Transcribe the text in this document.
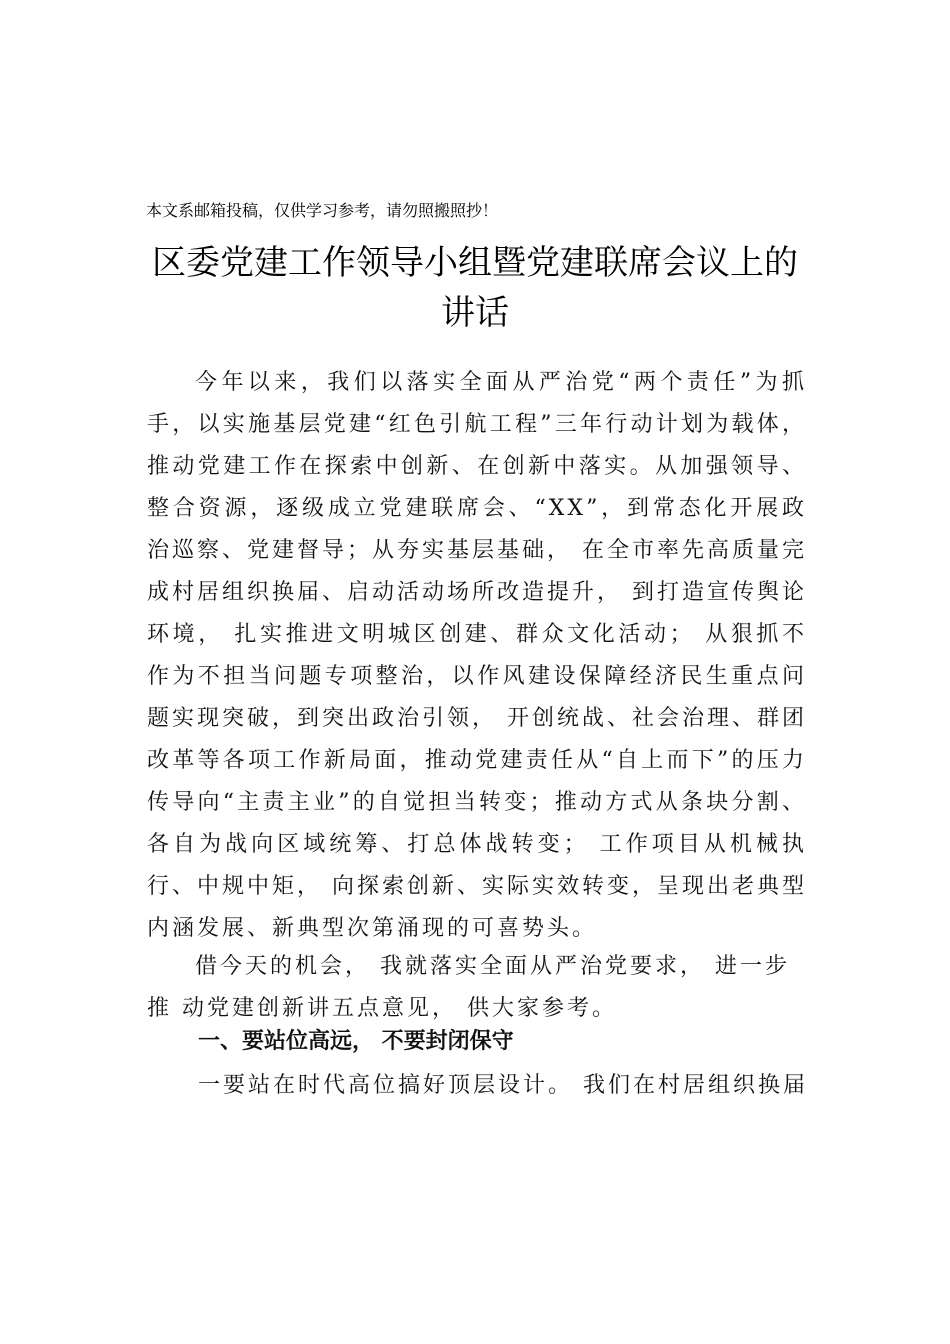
本文系邮箱投稿，仅供学习参考，请勿照搬照抄！
区委党建工作领导小组暨党建联席会议上的讲话

今年以来，我们以落实全面从严治党“两个责任”为抓手，以实施基层党建“红色引航工程”三年行动计划为载体，推动党建工作在探索中创新、在创新中落实。从加强领导、整合资源，逐级成立党建联席会、“XX”，到常态化开展政治巡察、党建督导；从夯实基层基础， 在全市率先高质量完成村居组织换届、启动活动场所改造提升， 到打造宣传舆论环境， 扎实推进文明城区创建、群众文化活动； 从狠抓不作为不担当问题专项整治，以作风建设保障经济民生重点问题实现突破，到突出政治引领， 开创统战、社会治理、群团改革等各项工作新局面，推动党建责任从“自上而下”的压力传导向“主责主业”的自觉担当转变；推动方式从条块分割、各自为战向区域统筹、打总体战转变； 工作项目从机械执行、中规中矩， 向探索创新、实际实效转变，呈现出老典型内涵发展、新典型次第涌现的可喜势头。

借今天的机会， 我就落实全面从严治党要求， 进一步推 动党建创新讲五点意见， 供大家参考。

一、要站位高远， 不要封闭保守
一要站在时代高位搞好顶层设计。 我们在村居组织换届
